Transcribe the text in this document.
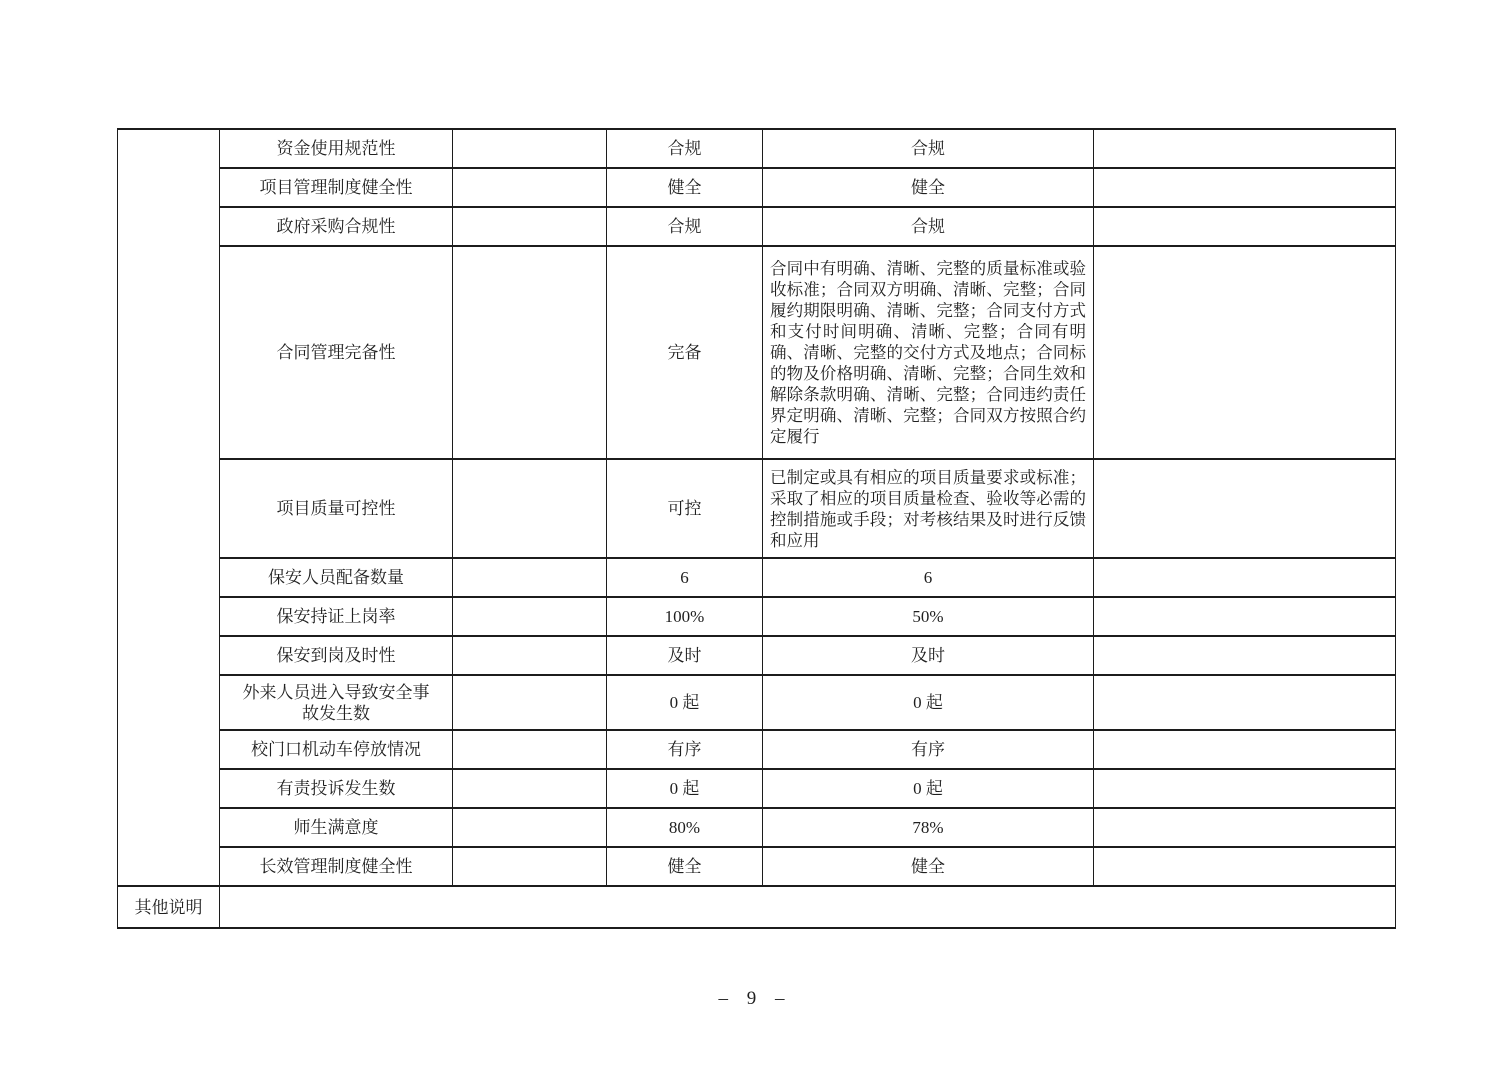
	资金使用规范性		合规	合规	
	项目管理制度健全性		健全	健全	
	政府采购合规性		合规	合规	
	合同管理完备性		完备	合同中有明确、清晰、完整的质量标准或验收标准；合同双方明确、清晰、完整；合同履约期限明确、清晰、完整；合同支付方式和支付时间明确、清晰、完整；合同有明确、清晰、完整的交付方式及地点；合同标的物及价格明确、清晰、完整；合同生效和解除条款明确、清晰、完整；合同违约责任界定明确、清晰、完整；合同双方按照合约定履行	
	项目质量可控性		可控	已制定或具有相应的项目质量要求或标准；采取了相应的项目质量检查、验收等必需的控制措施或手段；对考核结果及时进行反馈和应用	
	保安人员配备数量		6	6	
	保安持证上岗率		100%	50%	
	保安到岗及时性		及时	及时	
	外来人员进入导致安全事故发生数		0 起	0 起	
	校门口机动车停放情况		有序	有序	
	有责投诉发生数		0 起	0 起	
	师生满意度		80%	78%	
	长效管理制度健全性		健全	健全	
其他说明					
– 9 –
